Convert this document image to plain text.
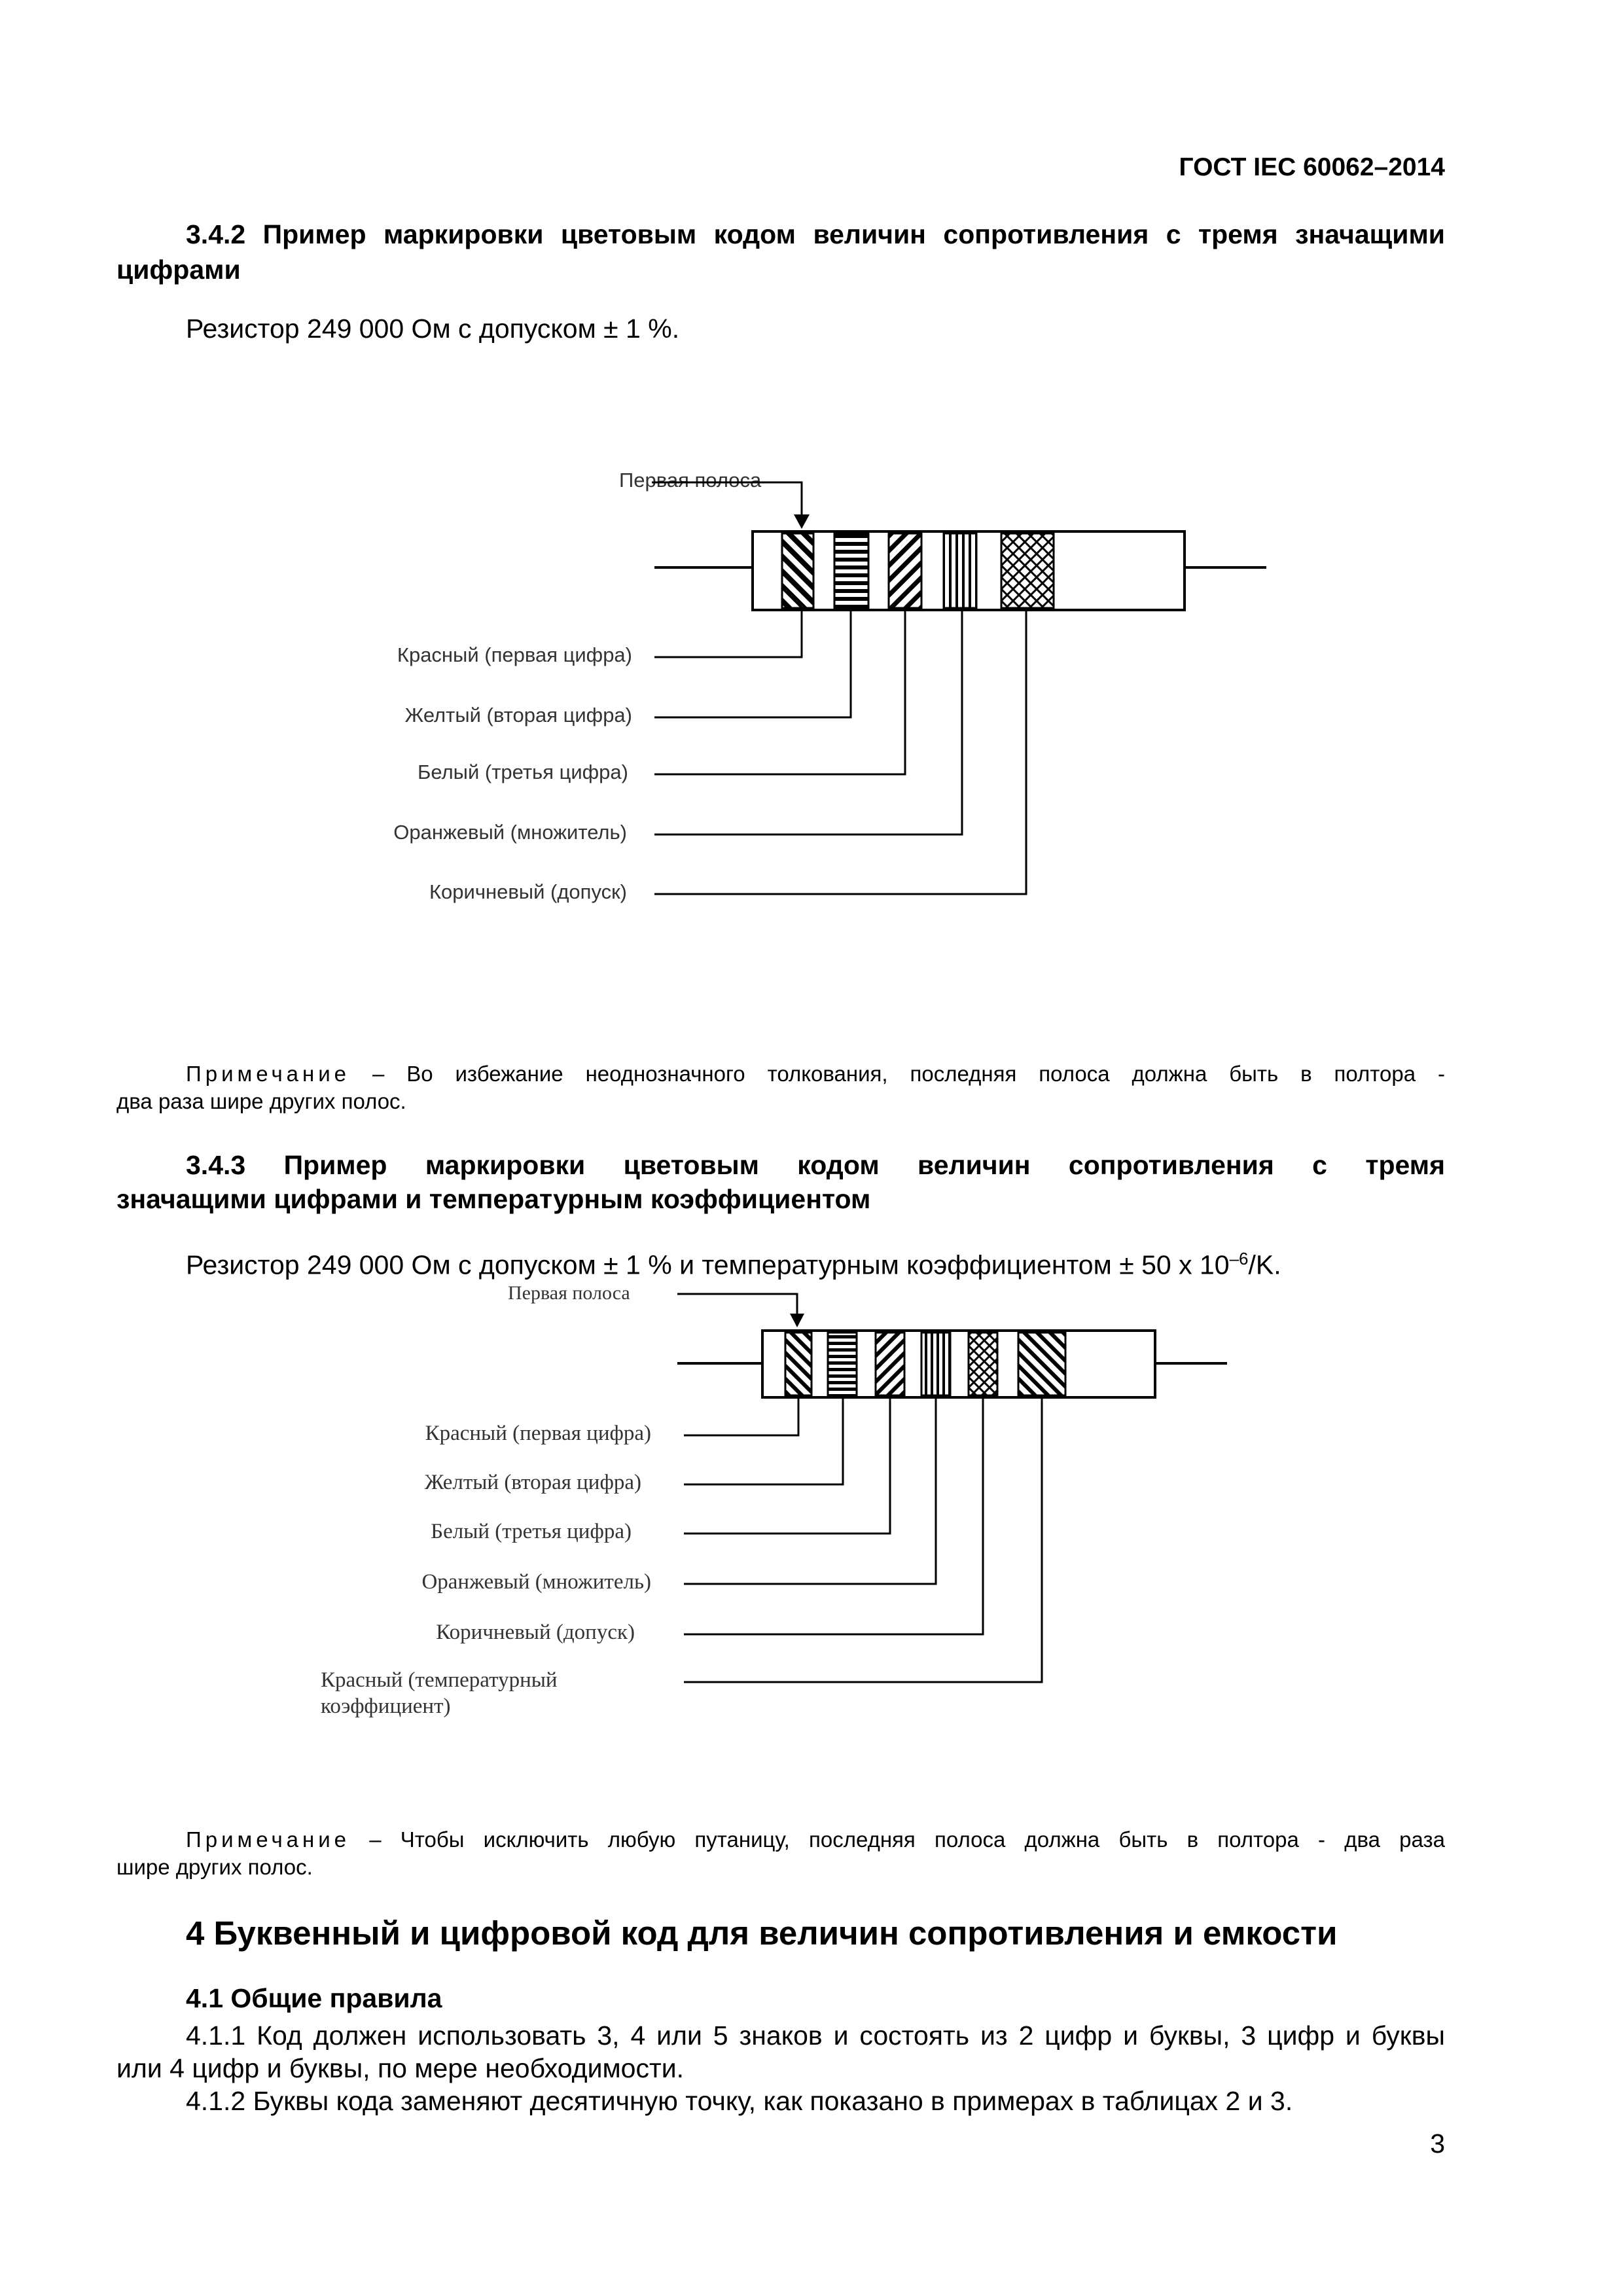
ГОСТ IEC 60062–2014
3.4.2 Пример маркировки цветовым кодом величин сопротивления с тремя значащими
цифрами
Резистор 249 000 Ом с допуском ± 1 %.
Первая полоса
Красный (первая цифра)
Желтый (вторая цифра)
Белый (третья цифра)
Оранжевый (множитель)
Коричневый (допуск)
Примечание – Во избежание неоднозначного толкования, последняя полоса должна быть в полтора -
два раза шире других полос.
3.4.3 Пример маркировки цветовым кодом величин сопротивления с тремя
значащими цифрами и температурным коэффициентом
Резистор 249 000 Ом с допуском ± 1 % и температурным коэффициентом ± 50 х $10^{-6}/K$.
Первая полоса
Красный (первая цифра)
Желтый (вторая цифра)
Белый (третья цифра)
Оранжевый (множитель)
Коричневый (допуск)
Красный (температурный
коэффициент)
Примечание – Чтобы исключить любую путаницу, последняя полоса должна быть в полтора - два раза
шире других полос.
4 Буквенный и цифровой код для величин сопротивления и емкости
4.1 Общие правила
4.1.1 Код должен использовать 3, 4 или 5 знаков и состоять из 2 цифр и буквы, 3 цифр и буквы
или 4 цифр и буквы, по мере необходимости.
4.1.2 Буквы кода заменяют десятичную точку, как показано в примерах в таблицах 2 и 3.
3
